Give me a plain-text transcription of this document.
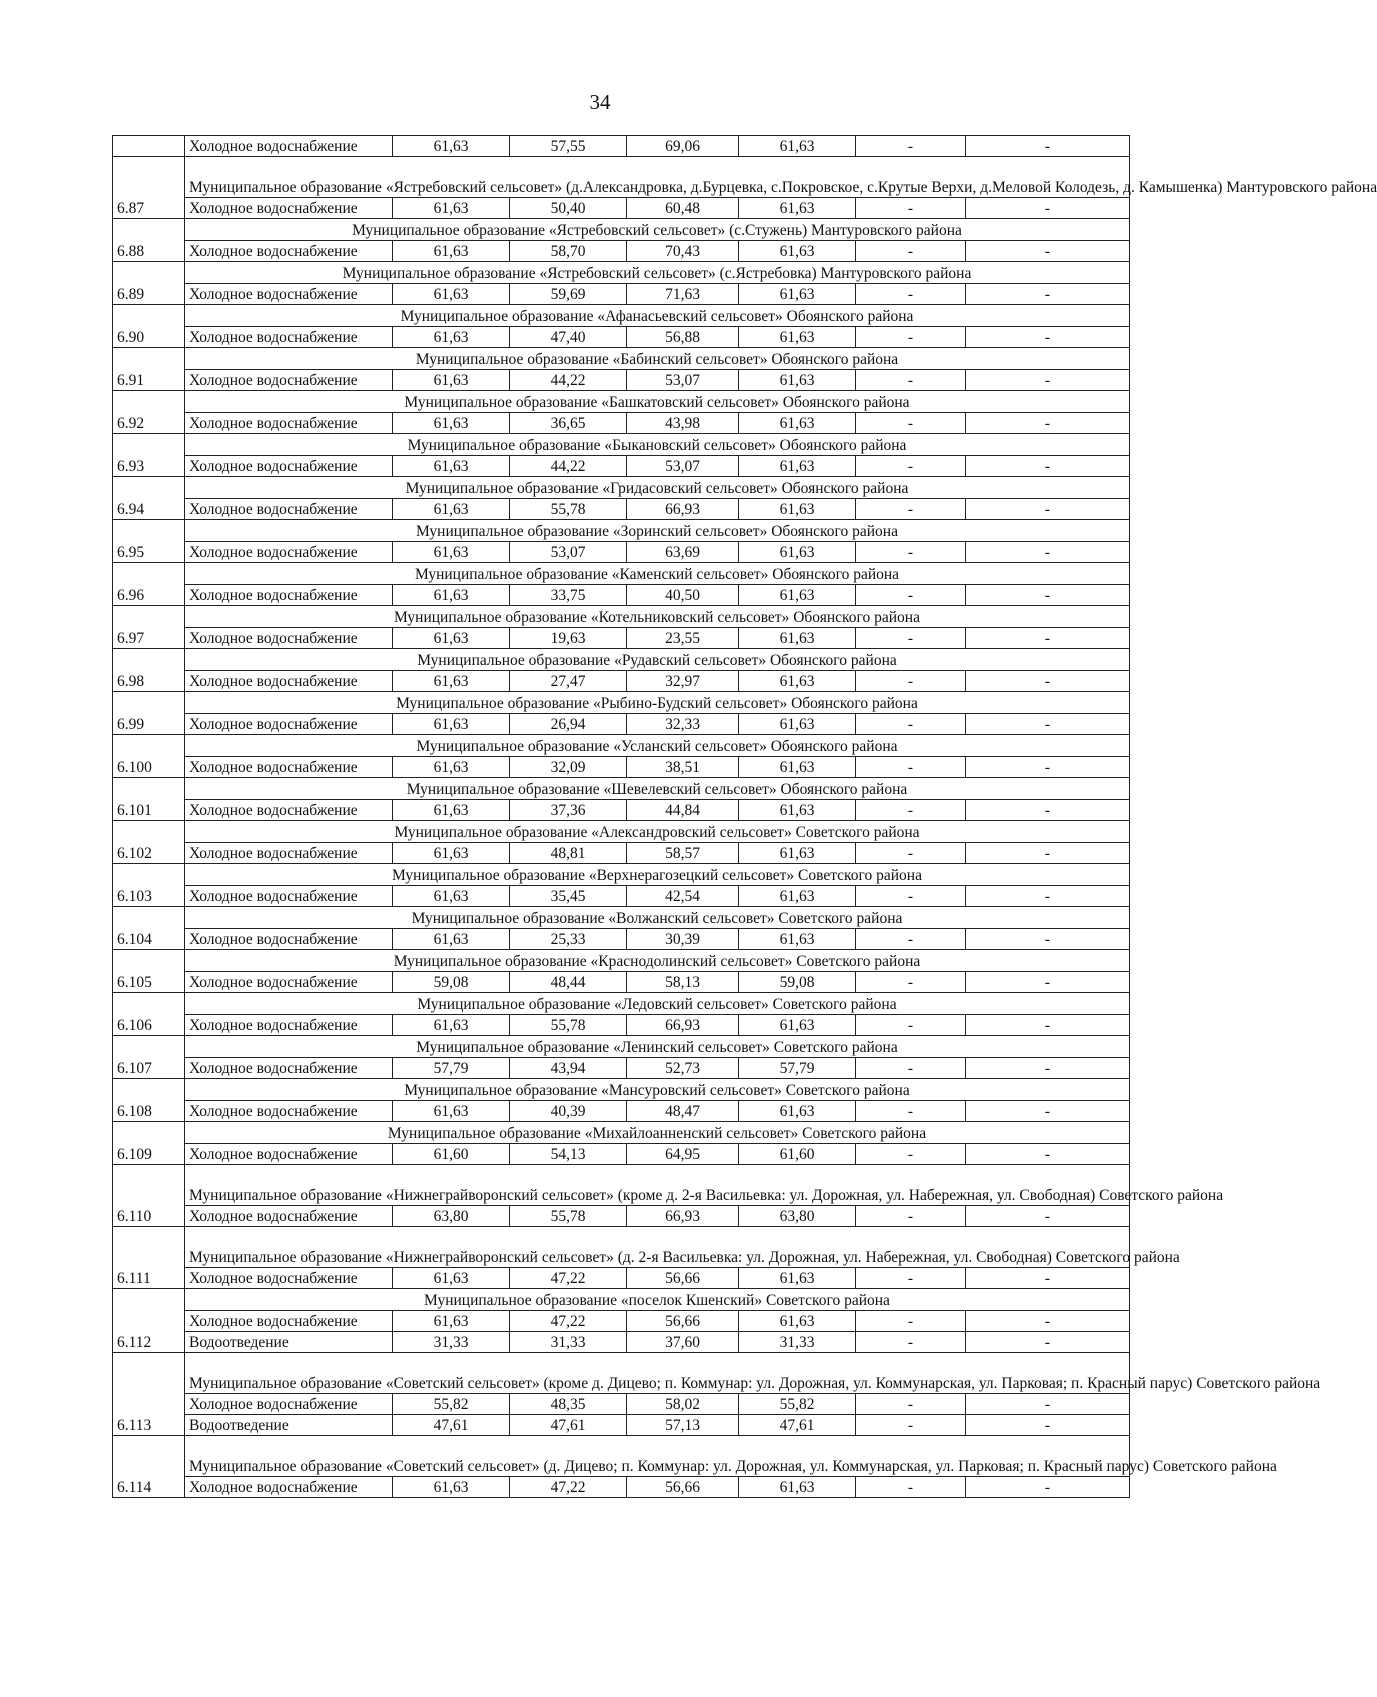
34
	Холодное водоснабжение	61,63	57,55	69,06	61,63	-	-
6.87	Муниципальное образование «Ястребовский сельсовет» (д.Александровка, д.Бурцевка, с.Покровское, с.Крутые Верхи, д.Меловой Колодезь, д. Камышенка) Мантуровского района						
	Холодное водоснабжение	61,63	50,40	60,48	61,63	-	-
6.88	Муниципальное образование «Ястребовский сельсовет» (с.Стужень) Мантуровского района						
	Холодное водоснабжение	61,63	58,70	70,43	61,63	-	-
6.89	Муниципальное образование «Ястребовский сельсовет» (с.Ястребовка) Мантуровского района						
	Холодное водоснабжение	61,63	59,69	71,63	61,63	-	-
6.90	Муниципальное образование «Афанасьевский сельсовет» Обоянского района						
	Холодное водоснабжение	61,63	47,40	56,88	61,63	-	-
6.91	Муниципальное образование «Бабинский сельсовет» Обоянского района						
	Холодное водоснабжение	61,63	44,22	53,07	61,63	-	-
6.92	Муниципальное образование «Башкатовский сельсовет» Обоянского района						
	Холодное водоснабжение	61,63	36,65	43,98	61,63	-	-
6.93	Муниципальное образование «Быкановский сельсовет» Обоянского района						
	Холодное водоснабжение	61,63	44,22	53,07	61,63	-	-
6.94	Муниципальное образование «Гридасовский сельсовет» Обоянского района						
	Холодное водоснабжение	61,63	55,78	66,93	61,63	-	-
6.95	Муниципальное образование «Зоринский сельсовет» Обоянского района						
	Холодное водоснабжение	61,63	53,07	63,69	61,63	-	-
6.96	Муниципальное образование «Каменский сельсовет» Обоянского района						
	Холодное водоснабжение	61,63	33,75	40,50	61,63	-	-
6.97	Муниципальное образование «Котельниковский сельсовет» Обоянского района						
	Холодное водоснабжение	61,63	19,63	23,55	61,63	-	-
6.98	Муниципальное образование «Рудавский сельсовет» Обоянского района						
	Холодное водоснабжение	61,63	27,47	32,97	61,63	-	-
6.99	Муниципальное образование «Рыбино-Будский сельсовет» Обоянского района						
	Холодное водоснабжение	61,63	26,94	32,33	61,63	-	-
6.100	Муниципальное образование «Усланский сельсовет» Обоянского района						
	Холодное водоснабжение	61,63	32,09	38,51	61,63	-	-
6.101	Муниципальное образование «Шевелевский сельсовет» Обоянского района						
	Холодное водоснабжение	61,63	37,36	44,84	61,63	-	-
6.102	Муниципальное образование «Александровский сельсовет» Советского района						
	Холодное водоснабжение	61,63	48,81	58,57	61,63	-	-
6.103	Муниципальное образование «Верхнерагозецкий сельсовет» Советского района						
	Холодное водоснабжение	61,63	35,45	42,54	61,63	-	-
6.104	Муниципальное образование «Волжанский сельсовет» Советского района						
	Холодное водоснабжение	61,63	25,33	30,39	61,63	-	-
6.105	Муниципальное образование «Краснодолинский сельсовет» Советского района						
	Холодное водоснабжение	59,08	48,44	58,13	59,08	-	-
6.106	Муниципальное образование «Ледовский сельсовет» Советского района						
	Холодное водоснабжение	61,63	55,78	66,93	61,63	-	-
6.107	Муниципальное образование «Ленинский сельсовет» Советского района						
	Холодное водоснабжение	57,79	43,94	52,73	57,79	-	-
6.108	Муниципальное образование «Мансуровский сельсовет» Советского района						
	Холодное водоснабжение	61,63	40,39	48,47	61,63	-	-
6.109	Муниципальное образование «Михайлоанненский сельсовет» Советского района						
	Холодное водоснабжение	61,60	54,13	64,95	61,60	-	-
6.110	Муниципальное образование «Нижнеграйворонский сельсовет» (кроме д. 2-я Васильевка: ул. Дорожная, ул. Набережная, ул. Свободная) Советского района						
	Холодное водоснабжение	63,80	55,78	66,93	63,80	-	-
6.111	Муниципальное образование «Нижнеграйворонский сельсовет» (д. 2-я Васильевка: ул. Дорожная, ул. Набережная, ул. Свободная) Советского района						
	Холодное водоснабжение	61,63	47,22	56,66	61,63	-	-
6.112	Муниципальное образование «поселок Кшенский» Советского района						
	Холодное водоснабжение	61,63	47,22	56,66	61,63	-	-
	Водоотведение	31,33	31,33	37,60	31,33	-	-
6.113	Муниципальное образование «Советский сельсовет» (кроме д. Дицево; п. Коммунар: ул. Дорожная, ул. Коммунарская, ул. Парковая; п. Красный парус) Советского района						
	Холодное водоснабжение	55,82	48,35	58,02	55,82	-	-
	Водоотведение	47,61	47,61	57,13	47,61	-	-
6.114	Муниципальное образование «Советский сельсовет» (д. Дицево; п. Коммунар: ул. Дорожная, ул. Коммунарская, ул. Парковая; п. Красный парус) Советского района						
	Холодное водоснабжение	61,63	47,22	56,66	61,63	-	-
